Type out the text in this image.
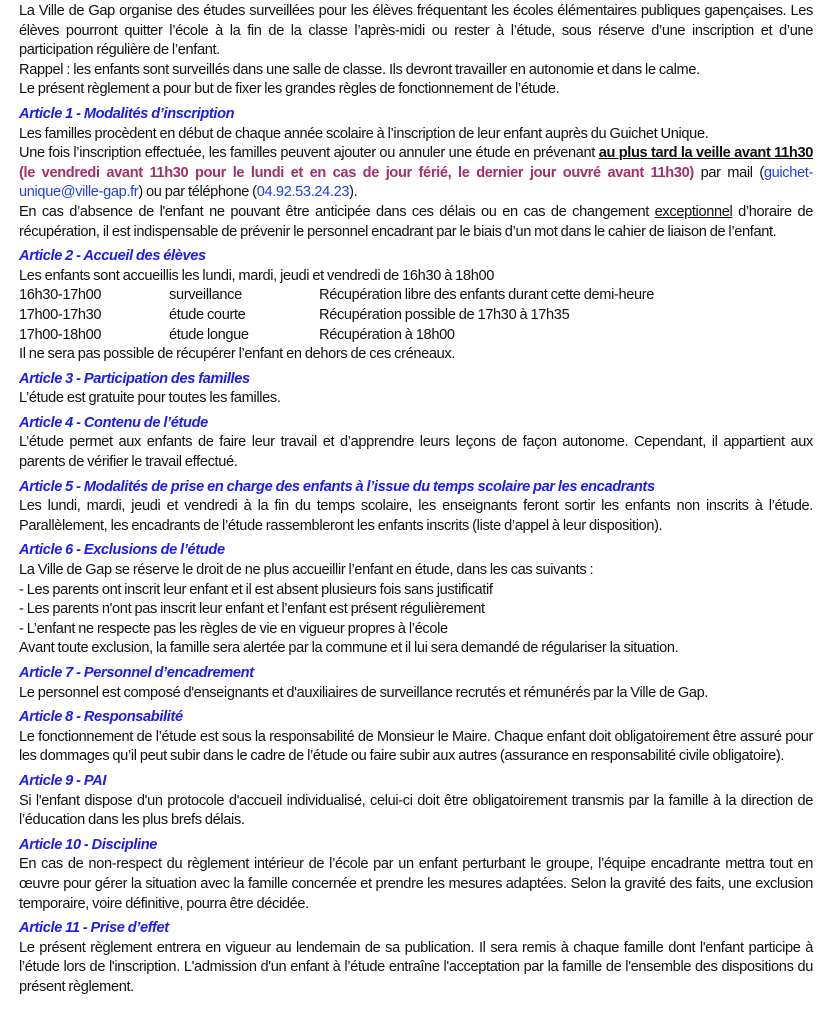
La Ville de Gap organise des études surveillées pour les élèves fréquentant les écoles élémentaires publiques gapençaises. Les élèves pourront quitter l’école à la fin de la classe l’après-midi ou rester à l’étude, sous réserve d’une inscription et d’une participation régulière de l’enfant.

Rappel : les enfants sont surveillés dans une salle de classe. Ils devront travailler en autonomie et dans le calme.

Le présent règlement a pour but de fixer les grandes règles de fonctionnement de l’étude.

Article 1 - Modalités d’inscription

Les familles procèdent en début de chaque année scolaire à l’inscription de leur enfant auprès du Guichet Unique.

Une fois l’inscription effectuée, les familles peuvent ajouter ou annuler une étude en prévenant au plus tard la veille avant 11h30 (le vendredi avant 11h30 pour le lundi et en cas de jour férié, le dernier jour ouvré avant 11h30) par mail (guichet-unique@ville-gap.fr) ou par téléphone (04.92.53.24.23).

En cas d’absence de l'enfant ne pouvant être anticipée dans ces délais ou en cas de changement exceptionnel d’horaire de récupération, il est indispensable de prévenir le personnel encadrant par le biais d’un mot dans le cahier de liaison de l’enfant.

Article 2 - Accueil des élèves

Les enfants sont accueillis les lundi, mardi, jeudi et vendredi de 16h30 à 18h00

16h30-17h00	surveillance	Récupération libre des enfants durant cette demi-heure
17h00-17h30	étude courte	Récupération possible de 17h30 à 17h35
17h00-18h00	étude longue	Récupération à 18h00

Il ne sera pas possible de récupérer l’enfant en dehors de ces créneaux.

Article 3 - Participation des familles

L’étude est gratuite pour toutes les familles.

Article 4 - Contenu de l’étude

L’étude permet aux enfants de faire leur travail et d’apprendre leurs leçons de façon autonome. Cependant, il appartient aux parents de vérifier le travail effectué.

Article 5 - Modalités de prise en charge des enfants à l’issue du temps scolaire par les encadrants

Les lundi, mardi, jeudi et vendredi à la fin du temps scolaire, les enseignants feront sortir les enfants non inscrits à l’étude. Parallèlement, les encadrants de l’étude rassembleront les enfants inscrits (liste d’appel à leur disposition).

Article 6 - Exclusions de l’étude

La Ville de Gap se réserve le droit de ne plus accueillir l’enfant en étude, dans les cas suivants :

- Les parents ont inscrit leur enfant et il est absent plusieurs fois sans justificatif

- Les parents n'ont pas inscrit leur enfant et l’enfant est présent régulièrement

- L’enfant ne respecte pas les règles de vie en vigueur propres à l’école

Avant toute exclusion, la famille sera alertée par la commune et il lui sera demandé de régulariser la situation.

Article 7 - Personnel d’encadrement

Le personnel est composé d'enseignants et d'auxiliaires de surveillance recrutés et rémunérés par la Ville de Gap.

Article 8 - Responsabilité

Le fonctionnement de l’étude est sous la responsabilité de Monsieur le Maire. Chaque enfant doit obligatoirement être assuré pour les dommages qu’il peut subir dans le cadre de l’étude ou faire subir aux autres (assurance en responsabilité civile obligatoire).

Article 9 - PAI

Si l'enfant dispose d'un protocole d'accueil individualisé, celui-ci doit être obligatoirement transmis par la famille à la direction de l’éducation dans les plus brefs délais.

Article 10 - Discipline

En cas de non-respect du règlement intérieur de l’école par un enfant perturbant le groupe, l’équipe encadrante mettra tout en œuvre pour gérer la situation avec la famille concernée et prendre les mesures adaptées. Selon la gravité des faits, une exclusion temporaire, voire définitive, pourra être décidée.

Article 11 - Prise d’effet

Le présent règlement entrera en vigueur au lendemain de sa publication. Il sera remis à chaque famille dont l'enfant participe à l’étude lors de l'inscription. L'admission d'un enfant à l’étude entraîne l'acceptation par la famille de l'ensemble des dispositions du présent règlement.
